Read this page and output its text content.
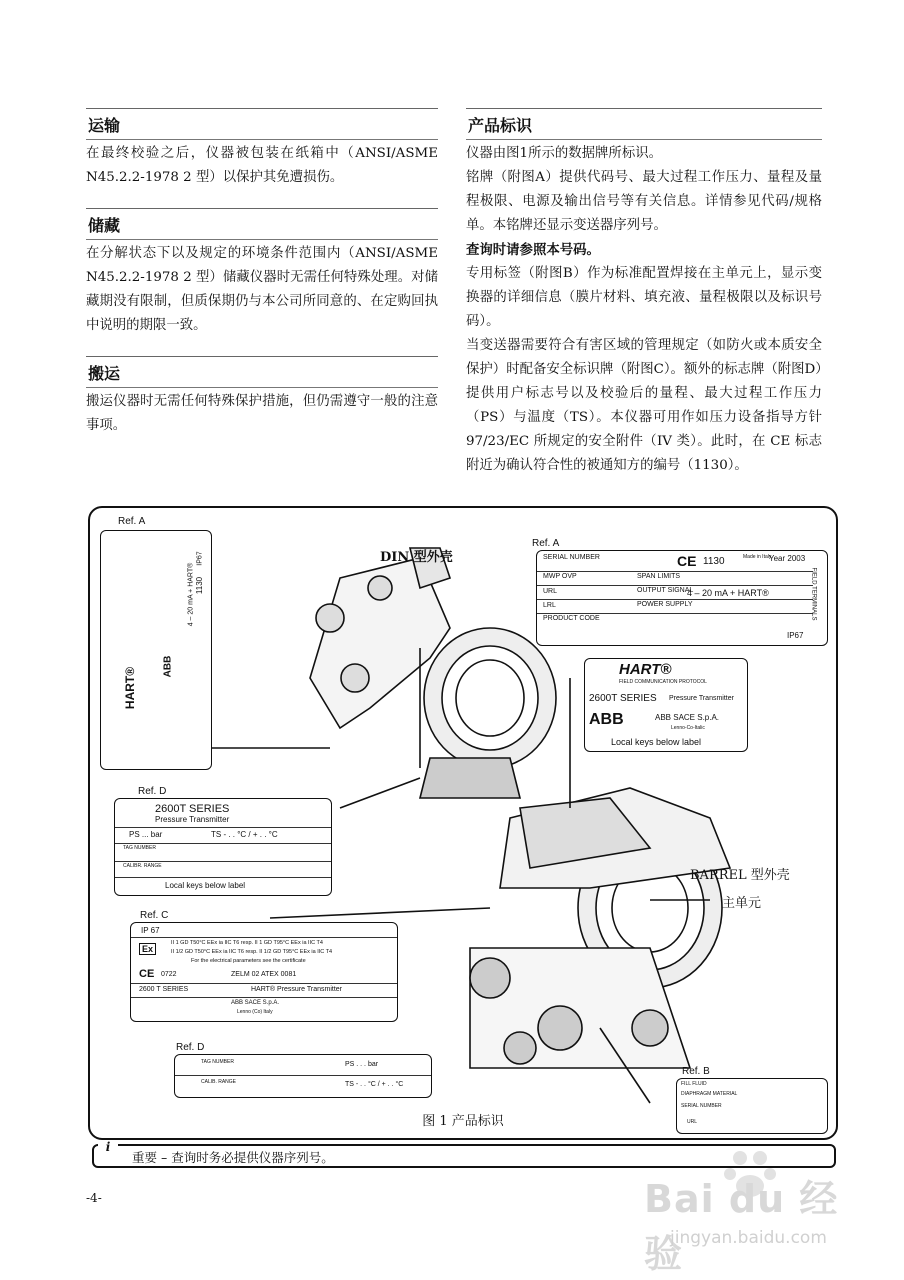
运输

在最终校验之后，仪器被包装在纸箱中（ANSI/ASME N45.2.2-1978 2 型）以保护其免遭损伤。

储藏

在分解状态下以及规定的环境条件范围内（ANSI/ASME N45.2.2-1978 2 型）储藏仪器时无需任何特殊处理。对储藏期没有限制，但质保期仍与本公司所同意的、在定购回执中说明的期限一致。

搬运

搬运仪器时无需任何特殊保护措施，但仍需遵守一般的注意事项。

产品标识

仪器由图1所示的数据牌所标识。

铭牌（附图A）提供代码号、最大过程工作压力、量程及量程极限、电源及输出信号等有关信息。详情参见代码/规格单。本铭牌还显示变送器序列号。

查询时请参照本号码。

专用标签（附图B）作为标准配置焊接在主单元上，显示变换器的详细信息（膜片材料、填充液、量程极限以及标识号码）。

当变送器需要符合有害区域的管理规定（如防火或本质安全保护）时配备安全标识牌（附图C）。额外的标志牌（附图D）提供用户标志号以及校验后的量程、最大过程工作压力（PS）与温度（TS）。本仪器可用作如压力设备指导方针 97/23/EC 所规定的安全附件（IV 类）。此时，在 CE 标志附近为确认符合性的被通知方的编号（1130）。

DIN 型外壳
BARREL 型外壳
主单元
Ref. A
HART®
ABB
4 – 20 mA + HART® 1130
IP67
Ref. A
SERIAL NUMBER	CE 1130	Made in Italy
Year 2003
MWP OVP	SPAN LIMITS
URL	OUTPUT SIGNAL
4 – 20 mA + HART®
LRL	POWER SUPPLY
PRODUCT CODE
IP67
FIELD TERMINALS
HART®
FIELD COMMUNICATION PROTOCOL
2600T SERIES Pressure Transmitter
ABB	ABB SACE S.p.A.
Lenno-Co-Italic
Local keys below label
Ref. D
2600T SERIES
Pressure Transmitter
PS ... bar	TS - . . °C / + . . °C
TAG NUMBER
CALIBR. RANGE
Local keys below label
Ref. C
IP 67
Ex
II 1 GD T50°C EEx ia IIC T6 resp. II 1 GD T95°C EEx ia IIC T4
II 1/2 GD T50°C EEx ia IIC T6 resp. II 1/2 GD T95°C EEx ia IIC T4
For the electrical parameters see the certificate
CE 0722	ZELM 02 ATEX 0081
2600 T SERIES	HART® Pressure Transmitter
ABB SACE S.p.A.
Lenno (Co) Italy
Ref. D
TAG NUMBER
CALIB. RANGE
PS . . . bar
TS - . . °C / + . . °C
Ref. B
FILL FLUID
DIAPHRAGM MATERIAL
SERIAL NUMBER
URL
图 1 产品标识
i
重要 – 查询时务必提供仪器序列号。
-4-	Bai du 经验
jingyan.baidu.com
